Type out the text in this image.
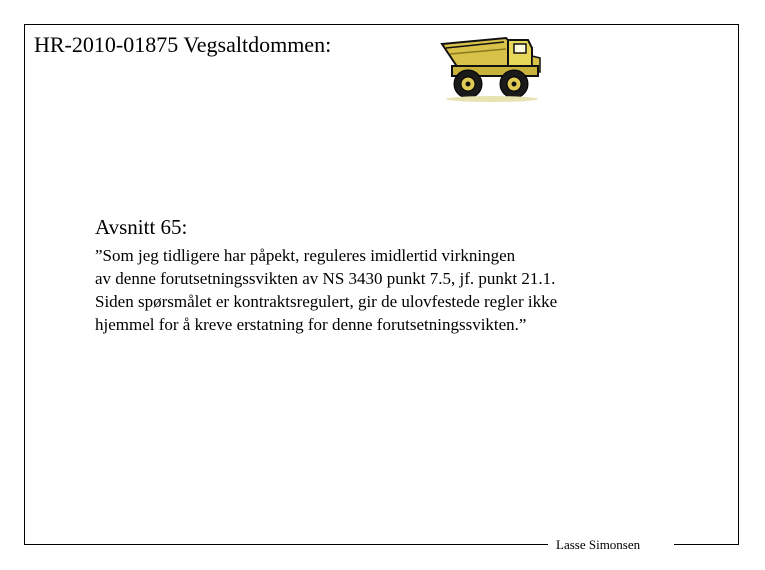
HR-2010-01875 Vegsaltdommen:
Avsnitt 65:
”Som jeg tidligere har påpekt, reguleres imidlertid virkningen
av denne forutsetningssvikten av NS 3430 punkt 7.5, jf. punkt 21.1.
Siden spørsmålet er kontraktsregulert, gir de ulovfestede regler ikke
hjemmel for å kreve erstatning for denne forutsetningssvikten.”
Lasse Simonsen
